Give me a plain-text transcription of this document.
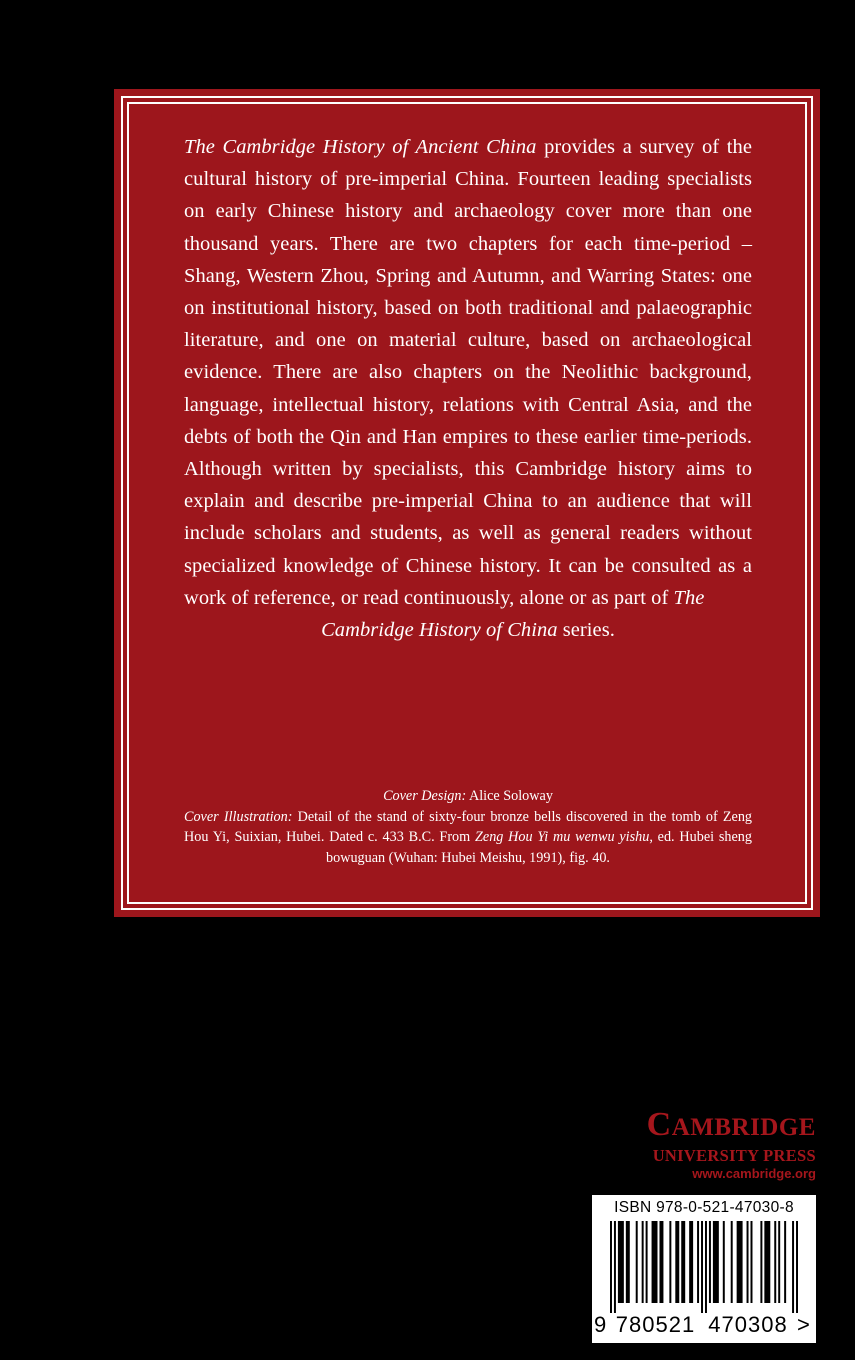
The Cambridge History of Ancient China provides a survey of the cultural history of pre-imperial China. Fourteen leading specialists on early Chinese history and archaeology cover more than one thousand years. There are two chapters for each time-period – Shang, Western Zhou, Spring and Autumn, and Warring States: one on institutional history, based on both traditional and palaeographic literature, and one on material culture, based on archaeological evidence. There are also chapters on the Neolithic background, language, intellectual history, relations with Central Asia, and the debts of both the Qin and Han empires to these earlier time-periods. Although written by specialists, this Cambridge history aims to explain and describe pre-imperial China to an audience that will include scholars and students, as well as general readers without specialized knowledge of Chinese history. It can be consulted as a work of reference, or read continuously, alone or as part of The
Cambridge History of China series.

Cover Design: Alice Soloway

Cover Illustration: Detail of the stand of sixty-four bronze bells discovered in the tomb of Zeng Hou Yi, Suixian, Hubei. Dated c. 433 B.C. From Zeng Hou Yi mu wenwu yishu, ed. Hubei sheng bowuguan (Wuhan: Hubei Meishu, 1991), fig. 40.

CAMBRIDGE
UNIVERSITY PRESS
www.cambridge.org
ISBN 978-0-521-47030-8
9 780521 470308 >
